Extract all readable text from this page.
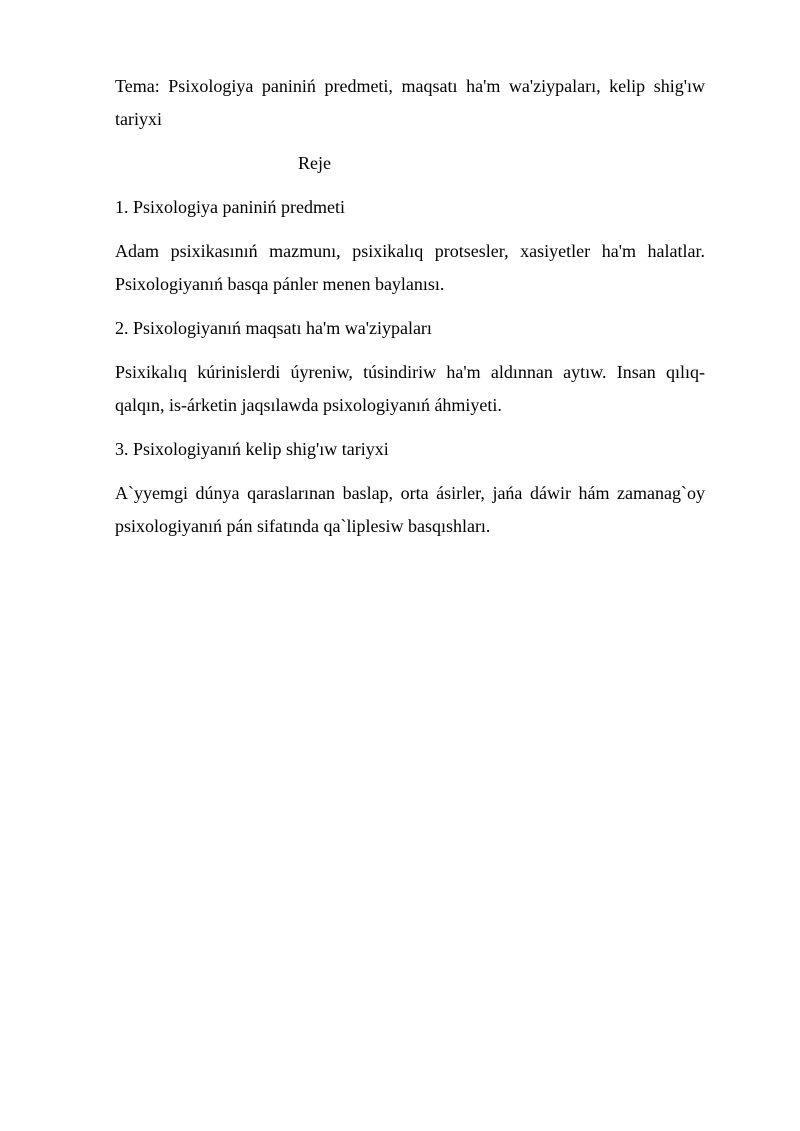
Tema: Psixologiya paniniń predmeti, maqsatı ha'm wa'ziypaları, kelip shig'ıw tariyxi

Reje

1. Psixologiya paniniń predmeti

Adam psixikasınıń mazmunı, psixikalıq protsesler, xasiyetler ha'm halatlar. Psixologiyanıń basqa pánler menen baylanısı.

2. Psixologiyanıń maqsatı ha'm wa'ziypaları

Psixikalıq kúrinislerdi úyreniw, túsindiriw ha'm aldınnan aytıw. Insan qılıq-qalqın, is-árketin jaqsılawda psixologiyanıń áhmiyeti.

3. Psixologiyanıń kelip shig'ıw tariyxi

A`yyemgi dúnya qaraslarınan baslap, orta ásirler, jańa dáwir hám zamanag`oy psixologiyanıń pán sifatında qa`liplesiw basqıshları.
